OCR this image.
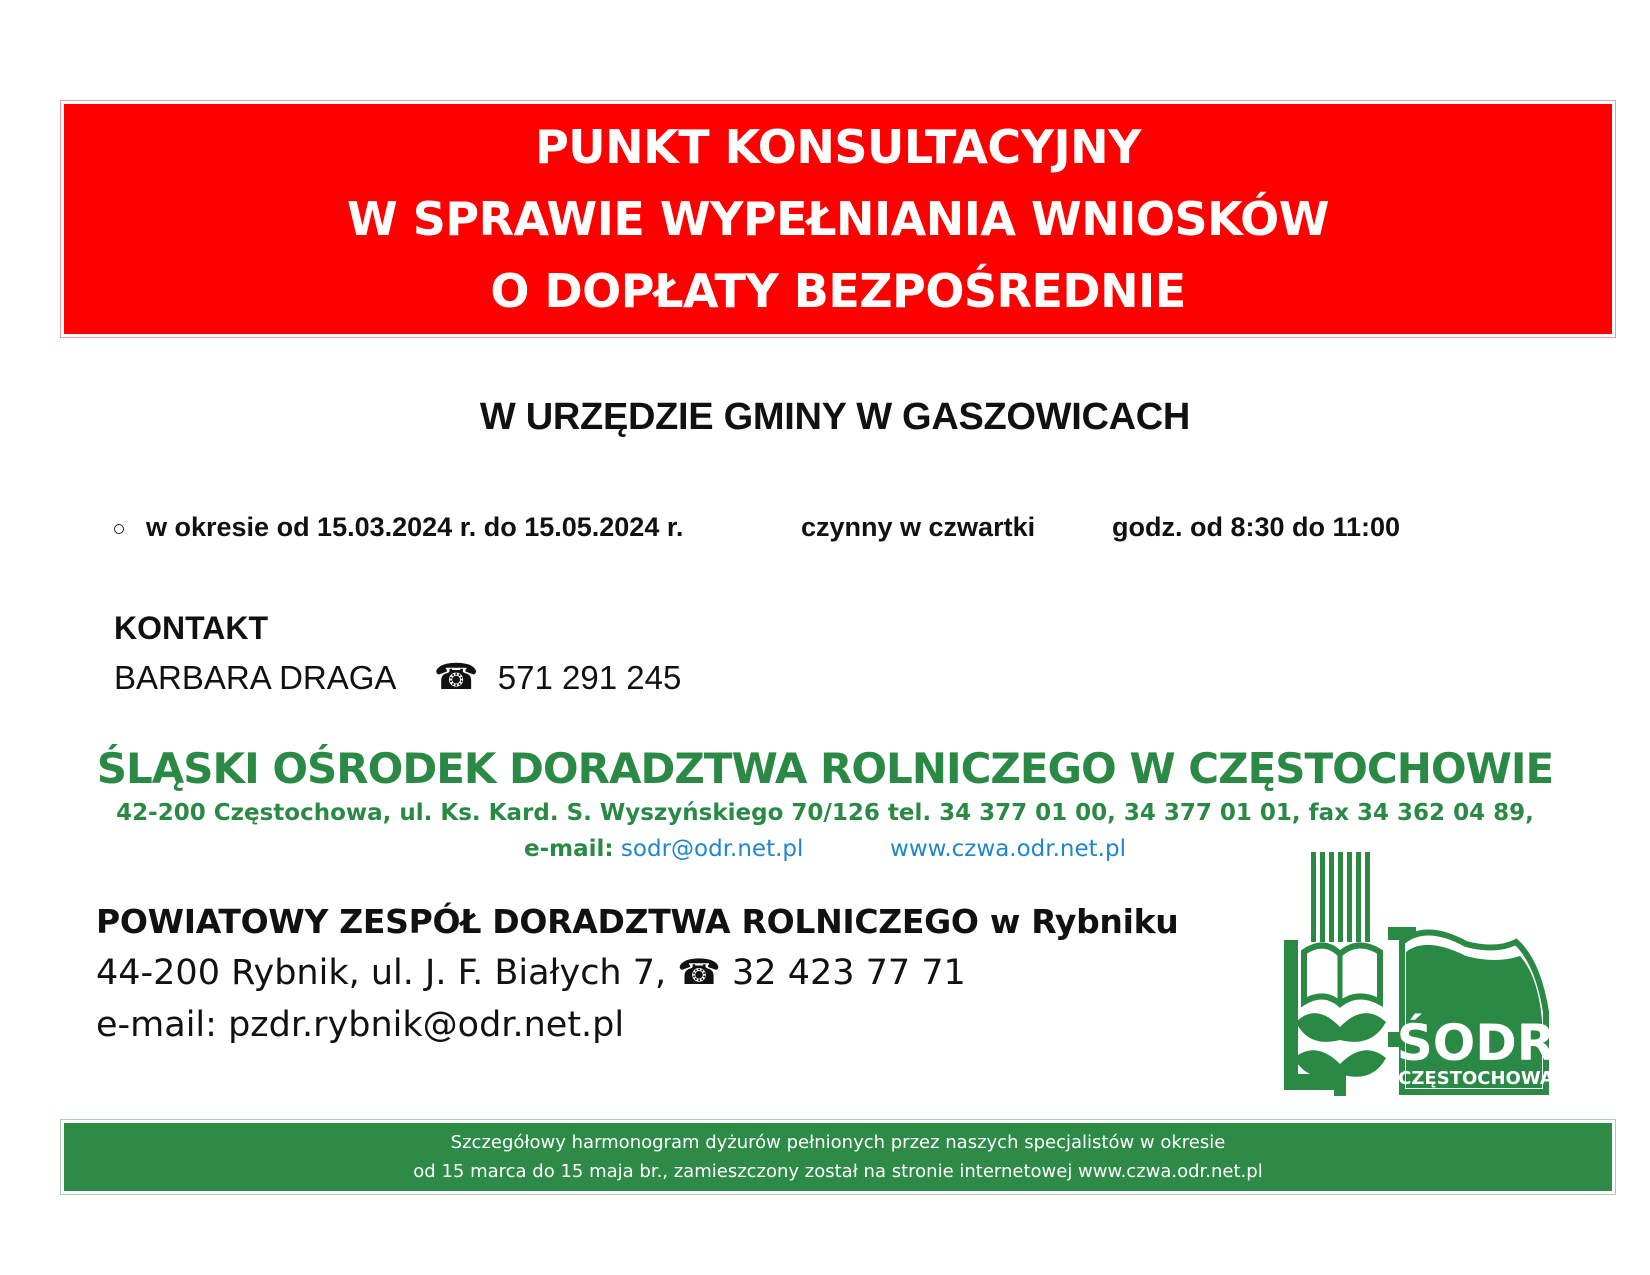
PUNKT KONSULTACYJNY
W SPRAWIE WYPEŁNIANIA WNIOSKÓW
O DOPŁATY BEZPOŚREDNIE
W URZĘDZIE GMINY W GASZOWICACH
w okresie od 15.03.2024 r. do 15.05.2024 r.	czynny w czwartki	godz. od 8:30 do 11:00
KONTAKT
BARBARA DRAGA ☎ 571 291 245
ŚLĄSKI OŚRODEK DORADZTWA ROLNICZEGO W CZĘSTOCHOWIE
42-200 Częstochowa, ul. Ks. Kard. S. Wyszyńskiego 70/126 tel. 34 377 01 00, 34 377 01 01, fax 34 362 04 89,
e-mail: sodr@odr.net.pl	www.czwa.odr.net.pl
POWIATOWY ZESPÓŁ DORADZTWA ROLNICZEGO w Rybniku
44-200 Rybnik, ul. J. F. Białych 7, ☎ 32 423 77 71
e-mail: pzdr.rybnik@odr.net.pl	ŚODR
CZĘSTOCHOWA
Szczegółowy harmonogram dyżurów pełnionych przez naszych specjalistów w okresie
od 15 marca do 15 maja br., zamieszczony został na stronie internetowej www.czwa.odr.net.pl
